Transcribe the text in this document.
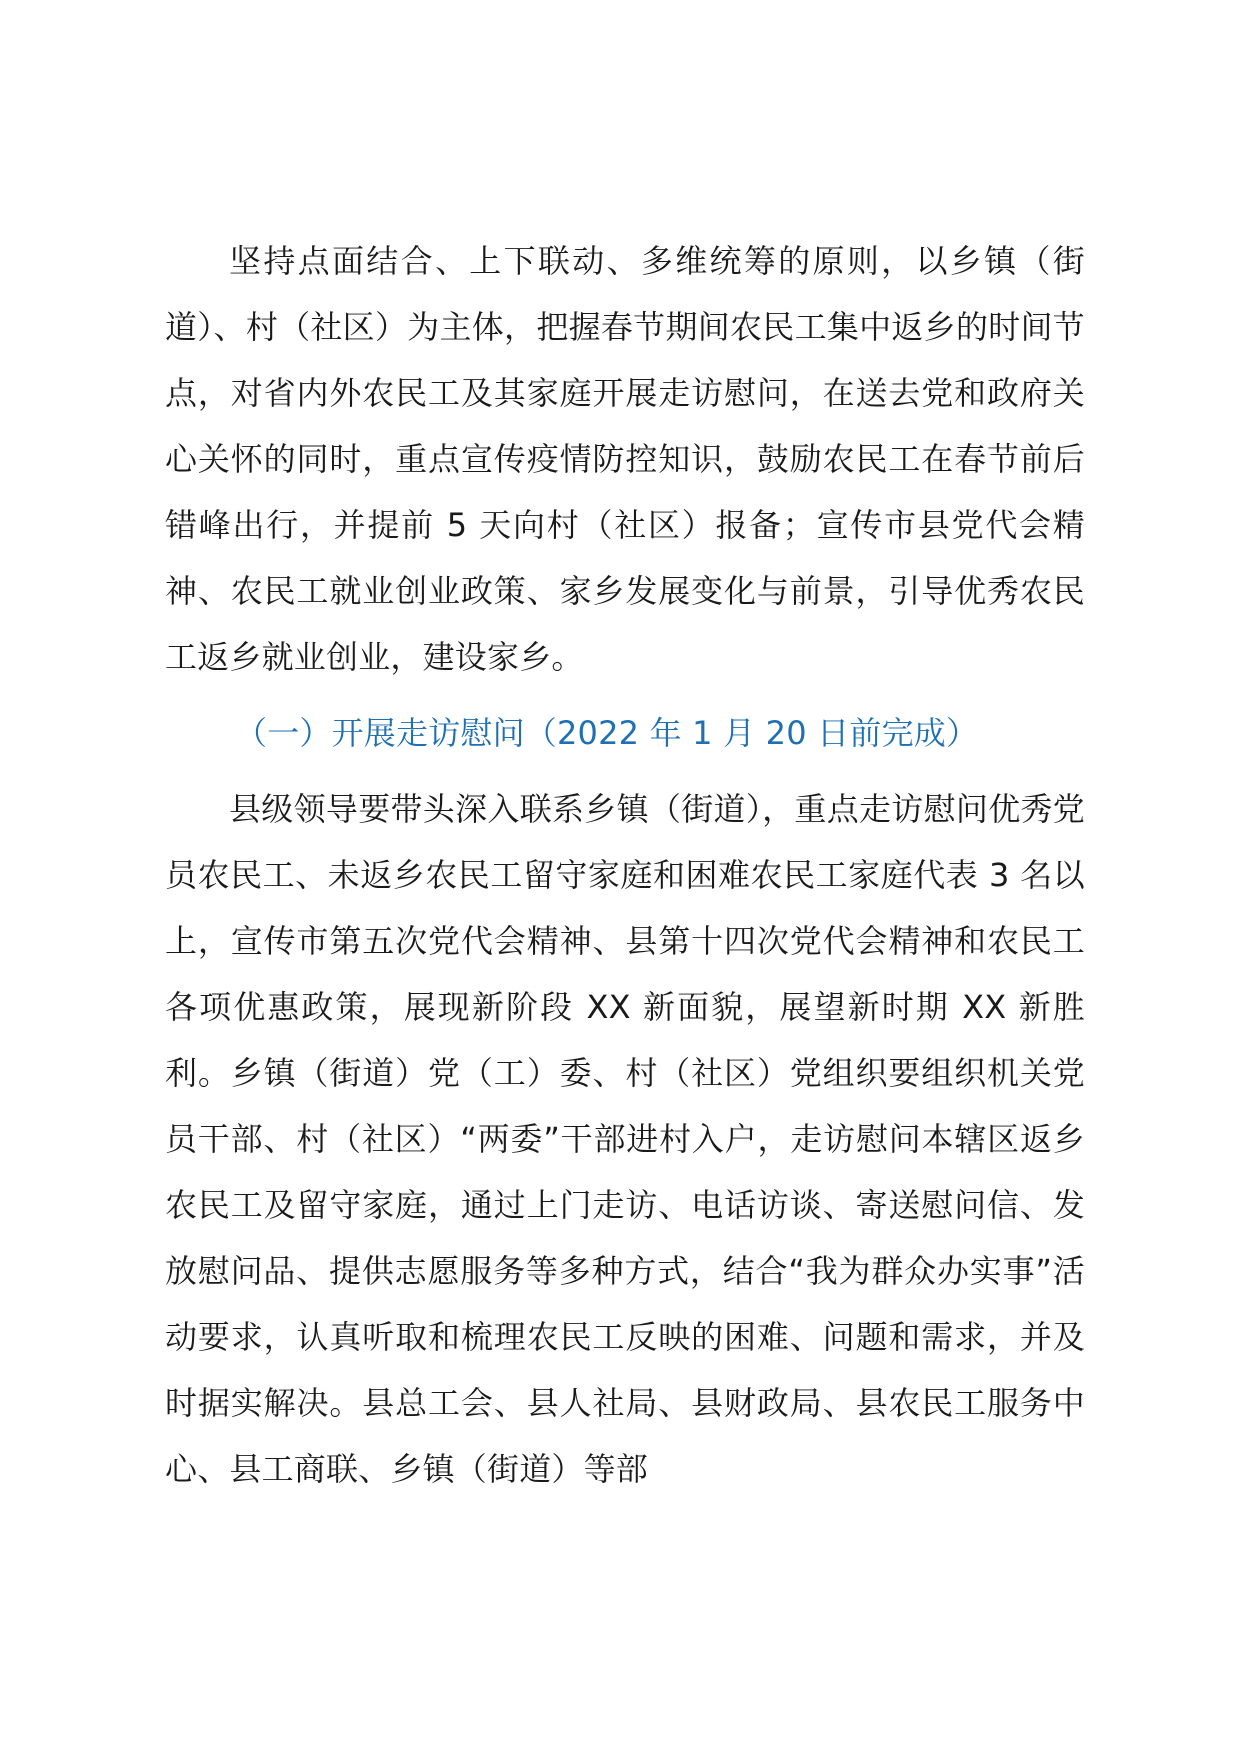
坚持点面结合、上下联动、多维统筹的原则，以乡镇（街道）、村（社区）为主体，把握春节期间农民工集中返乡的时间节点，对省内外农民工及其家庭开展走访慰问，在送去党和政府关心关怀的同时，重点宣传疫情防控知识，鼓励农民工在春节前后错峰出行，并提前 5 天向村（社区）报备；宣传市县党代会精神、农民工就业创业政策、家乡发展变化与前景，引导优秀农民工返乡就业创业，建设家乡。

（一）开展走访慰问（2022 年 1 月 20 日前完成）

县级领导要带头深入联系乡镇（街道），重点走访慰问优秀党员农民工、未返乡农民工留守家庭和困难农民工家庭代表 3 名以上，宣传市第五次党代会精神、县第十四次党代会精神和农民工各项优惠政策，展现新阶段 XX 新面貌，展望新时期 XX 新胜利。乡镇（街道）党（工）委、村（社区）党组织要组织机关党员干部、村（社区）“两委”干部进村入户，走访慰问本辖区返乡农民工及留守家庭，通过上门走访、电话访谈、寄送慰问信、发放慰问品、提供志愿服务等多种方式，结合“我为群众办实事”活动要求，认真听取和梳理农民工反映的困难、问题和需求，并及时据实解决。县总工会、县人社局、县财政局、县农民工服务中心、县工商联、乡镇（街道）等部
